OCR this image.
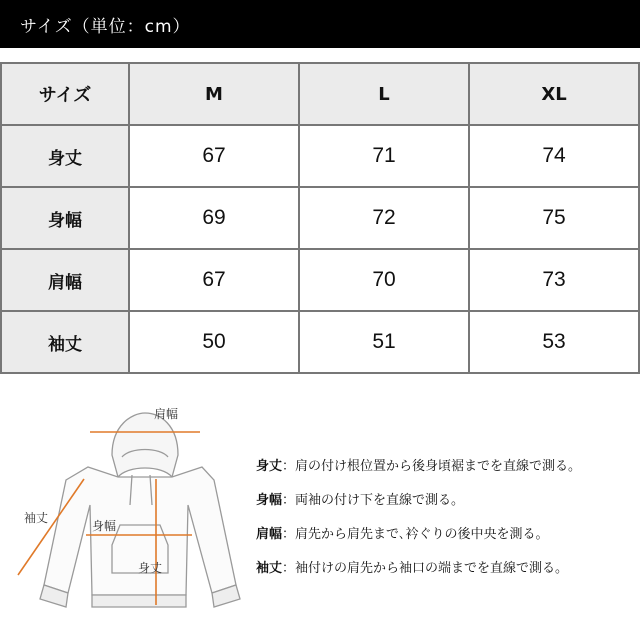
サイズ（単位：cm）
サイズ	M	L	XL
身丈	67	71	74
身幅	69	72	75
肩幅	67	70	73
袖丈	50	51	53
肩幅
袖丈
身幅
身丈
身丈：肩の付け根位置から後身頃裾までを直線で測る。
身幅：両袖の付け下を直線で測る。
肩幅：肩先から肩先まで､衿ぐりの後中央を測る。
袖丈：袖付けの肩先から袖口の端までを直線で測る。
